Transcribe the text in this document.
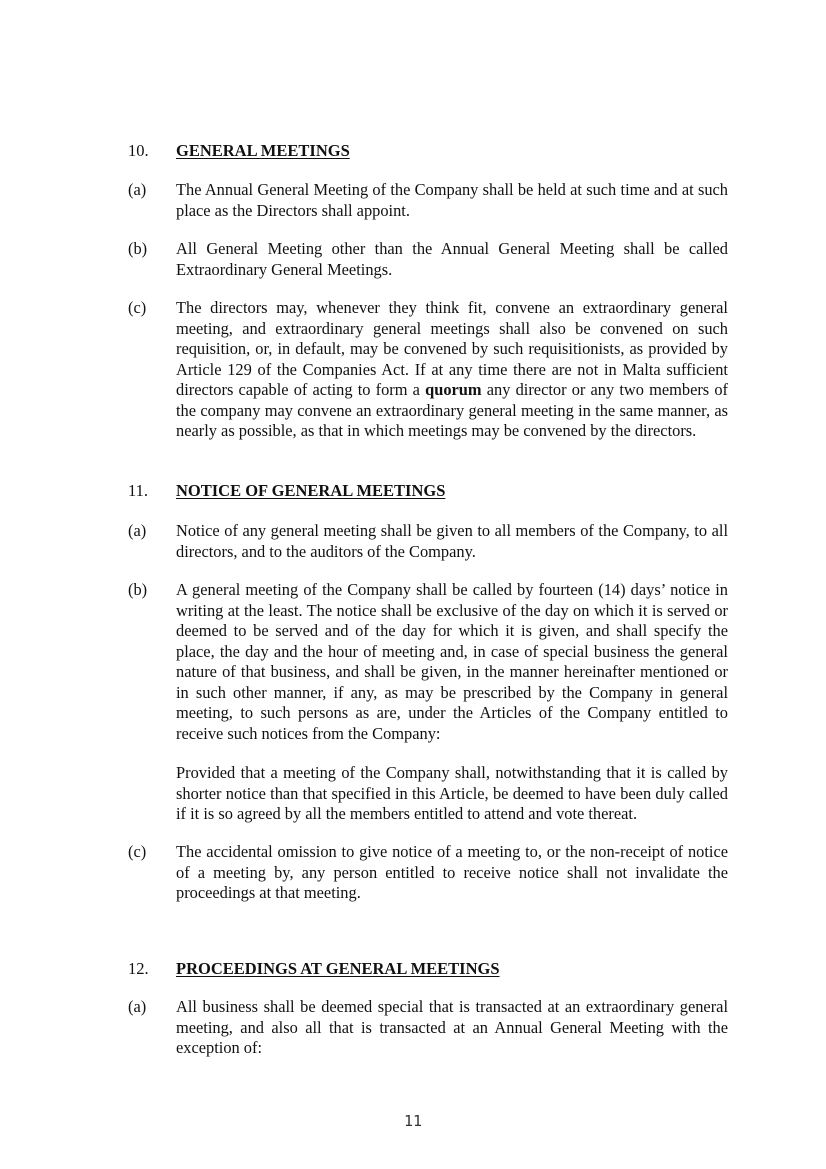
10. GENERAL MEETINGS
(a) The Annual General Meeting of the Company shall be held at such time and at such place as the Directors shall appoint.
(b) All General Meeting other than the Annual General Meeting shall be called Extraordinary General Meetings.
(c) The directors may, whenever they think fit, convene an extraordinary general meeting, and extraordinary general meetings shall also be convened on such requisition, or, in default, may be convened by such requisitionists, as provided by Article 129 of the Companies Act. If at any time there are not in Malta sufficient directors capable of acting to form a quorum any director or any two members of the company may convene an extraordinary general meeting in the same manner, as nearly as possible, as that in which meetings may be convened by the directors.
11. NOTICE OF GENERAL MEETINGS
(a) Notice of any general meeting shall be given to all members of the Company, to all directors, and to the auditors of the Company.
(b) A general meeting of the Company shall be called by fourteen (14) days’ notice in writing at the least. The notice shall be exclusive of the day on which it is served or deemed to be served and of the day for which it is given, and shall specify the place, the day and the hour of meeting and, in case of special business the general nature of that business, and shall be given, in the manner hereinafter mentioned or in such other manner, if any, as may be prescribed by the Company in general meeting, to such persons as are, under the Articles of the Company entitled to receive such notices from the Company:
Provided that a meeting of the Company shall, notwithstanding that it is called by shorter notice than that specified in this Article, be deemed to have been duly called if it is so agreed by all the members entitled to attend and vote thereat.
(c) The accidental omission to give notice of a meeting to, or the non-receipt of notice of a meeting by, any person entitled to receive notice shall not invalidate the proceedings at that meeting.
12. PROCEEDINGS AT GENERAL MEETINGS
(a) All business shall be deemed special that is transacted at an extraordinary general meeting, and also all that is transacted at an Annual General Meeting with the exception of:
11
